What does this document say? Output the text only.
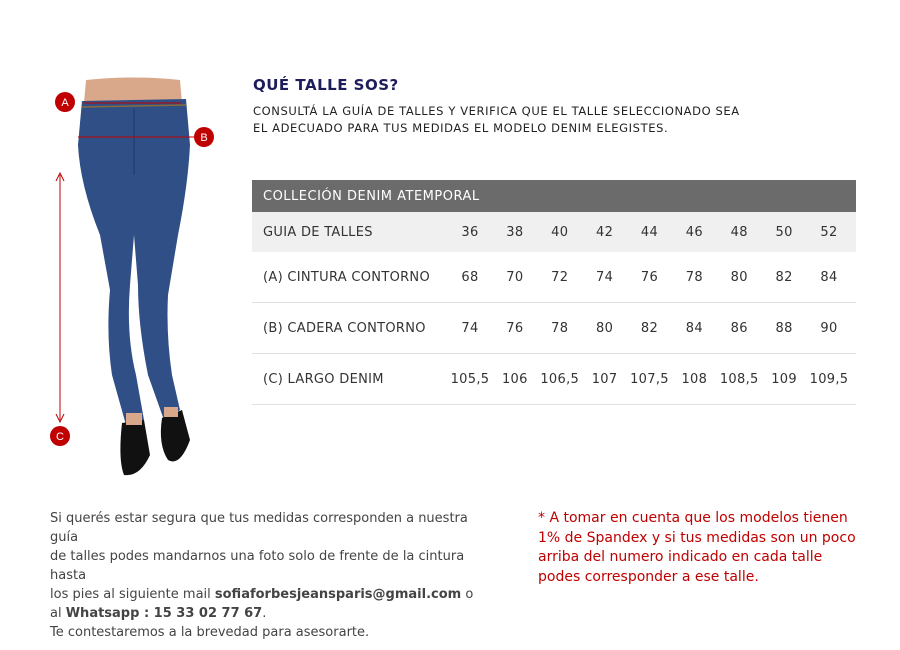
A
B
C
QUÉ TALLE SOS?

CONSULTÁ LA GUÍA DE TALLES Y VERIFICA QUE EL TALLE SELECCIONADO SEA
EL ADECUADO PARA TUS MEDIDAS EL MODELO DENIM ELEGISTES.

COLLECIÓN DENIM ATEMPORAL									
GUIA DE TALLES	36	38	40	42	44	46	48	50	52
(A) CINTURA CONTORNO	68	70	72	74	76	78	80	82	84
(B) CADERA CONTORNO	74	76	78	80	82	84	86	88	90
(C) LARGO DENIM	105,5	106	106,5	107	107,5	108	108,5	109	109,5

Si querés estar segura que tus medidas corresponden a nuestra guía
de talles podes mandarnos una foto solo de frente de la cintura hasta
los pies al siguiente mail sofiaforbesjeansparis@gmail.com o
al Whatsapp : 15 33 02 77 67.
Te contestaremos a la brevedad para asesorarte.

* A tomar en cuenta que los modelos tienen
1% de Spandex y si tus medidas son un poco
arriba del numero indicado en cada talle
podes corresponder a ese talle.
